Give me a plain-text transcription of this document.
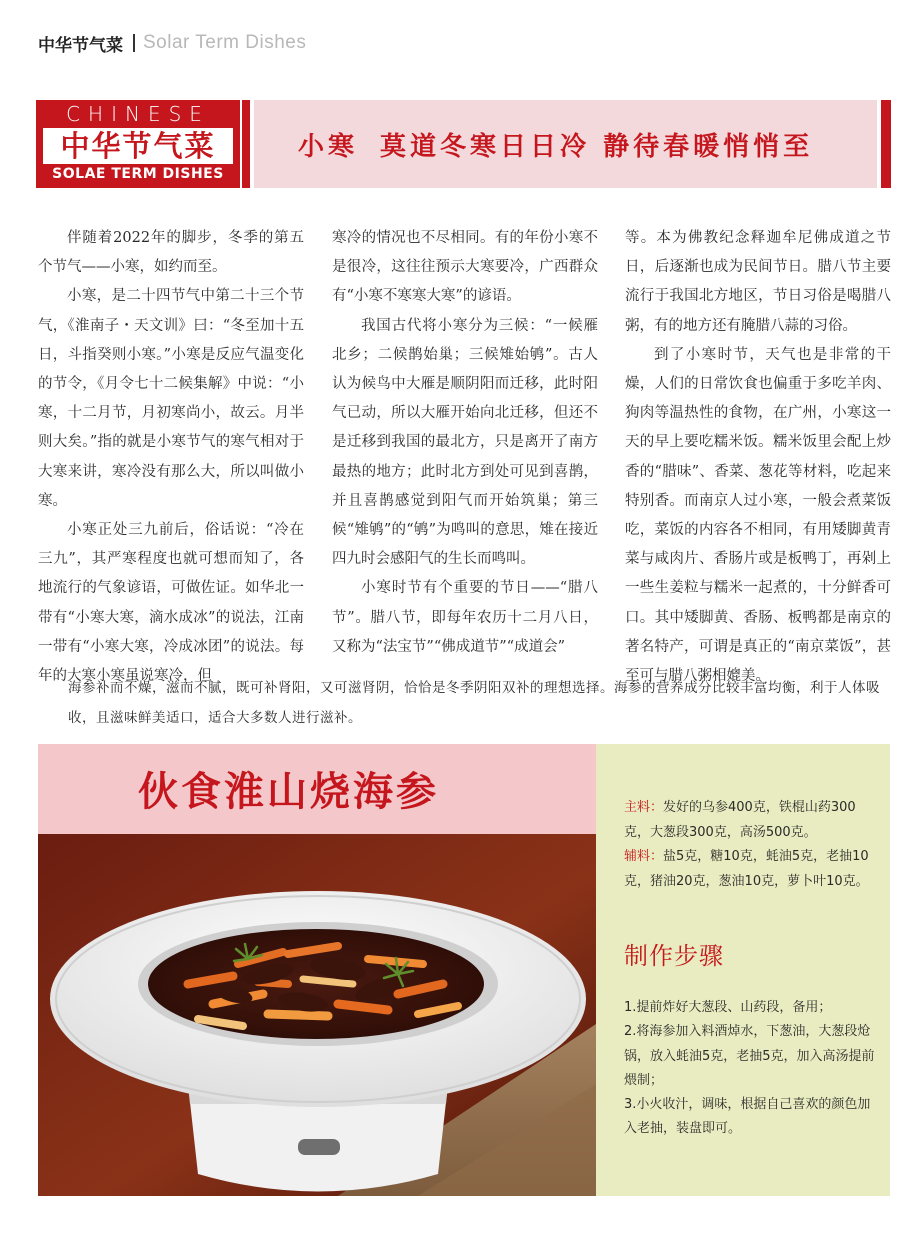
中华节气菜 Solar Term Dishes
CHINESE
中华节气菜
SOLAE TERM DISHES
小寒 莫道冬寒日日冷 静待春暖悄悄至

伴随着2022年的脚步，冬季的第五个节气——小寒，如约而至。

小寒，是二十四节气中第二十三个节气，《淮南子・天文训》曰：“冬至加十五日，斗指癸则小寒。”小寒是反应气温变化的节令，《月令七十二候集解》中说：“小寒，十二月节，月初寒尚小，故云。月半则大矣。”指的就是小寒节气的寒气相对于大寒来讲，寒冷没有那么大，所以叫做小寒。

小寒正处三九前后，俗话说：“冷在三九”，其严寒程度也就可想而知了，各地流行的气象谚语，可做佐证。如华北一带有“小寒大寒，滴水成冰”的说法，江南一带有“小寒大寒，冷成冰团”的说法。每年的大寒小寒虽说寒冷，但

寒冷的情况也不尽相同。有的年份小寒不是很冷，这往往预示大寒要冷，广西群众有“小寒不寒寒大寒”的谚语。

我国古代将小寒分为三候：“一候雁北乡；二候鹊始巢；三候雉始鸲”。古人认为候鸟中大雁是顺阴阳而迁移，此时阳气已动，所以大雁开始向北迁移，但还不是迁移到我国的最北方，只是离开了南方最热的地方；此时北方到处可见到喜鹊，并且喜鹊感觉到阳气而开始筑巢；第三候“雉鸲”的“鸲”为鸣叫的意思，雉在接近四九时会感阳气的生长而鸣叫。

小寒时节有个重要的节日——“腊八节”。腊八节，即每年农历十二月八日，又称为“法宝节”“佛成道节”“成道会”

等。本为佛教纪念释迦牟尼佛成道之节日，后逐渐也成为民间节日。腊八节主要流行于我国北方地区，节日习俗是喝腊八粥，有的地方还有腌腊八蒜的习俗。

到了小寒时节，天气也是非常的干燥，人们的日常饮食也偏重于多吃羊肉、狗肉等温热性的食物，在广州，小寒这一天的早上要吃糯米饭。糯米饭里会配上炒香的“腊味”、香菜、葱花等材料，吃起来特别香。而南京人过小寒，一般会煮菜饭吃，菜饭的内容各不相同，有用矮脚黄青菜与咸肉片、香肠片或是板鸭丁，再剁上一些生姜粒与糯米一起煮的，十分鲜香可口。其中矮脚黄、香肠、板鸭都是南京的著名特产，可谓是真正的“南京菜饭”，甚至可与腊八粥相媲美。

海参补而不燥，滋而不腻，既可补肾阳，又可滋肾阴，恰恰是冬季阴阳双补的理想选择。海参的营养成分比较丰富均衡，利于人体吸收，且滋味鲜美适口，适合大多数人进行滋补。
伙食淮山烧海参	主料：发好的乌参400克，铁棍山药300克，大葱段300克，高汤500克。
辅料：盐5克，糖10克，蚝油5克，老抽10克，猪油20克，葱油10克，萝卜叶10克。
制作步骤

1.提前炸好大葱段、山药段，备用；

2.将海参加入料酒焯水，下葱油，大葱段炝锅，放入蚝油5克，老抽5克，加入高汤提前煨制；

3.小火收汁，调味，根据自己喜欢的颜色加入老抽，装盘即可。
